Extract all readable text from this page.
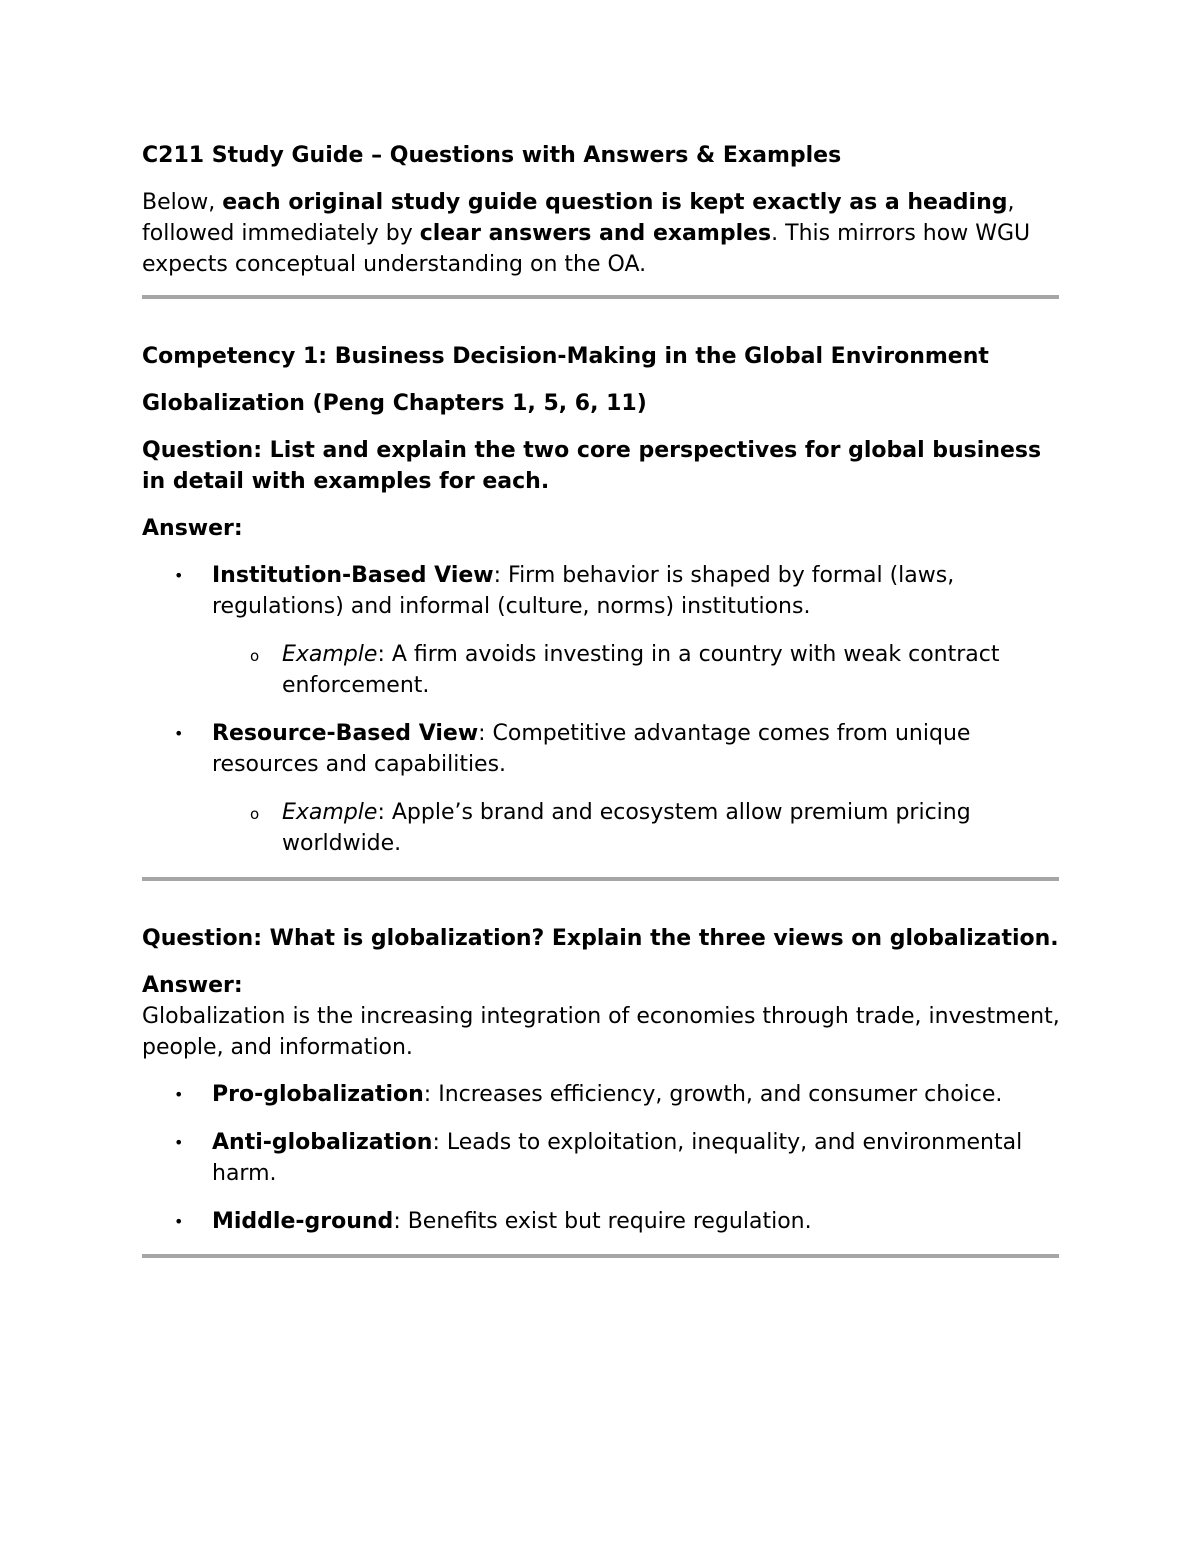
C211 Study Guide – Questions with Answers & Examples

Below, each original study guide question is kept exactly as a heading, followed immediately by clear answers and examples. This mirrors how WGU expects conceptual understanding on the OA.

Competency 1: Business Decision-Making in the Global Environment

Globalization (Peng Chapters 1, 5, 6, 11)

Question: List and explain the two core perspectives for global business in detail with examples for each.

Answer:

• Institution-Based View: Firm behavior is shaped by formal (laws, regulations) and informal (culture, norms) institutions.
o Example: A firm avoids investing in a country with weak contract enforcement.
• Resource-Based View: Competitive advantage comes from unique resources and capabilities.
o Example: Apple’s brand and ecosystem allow premium pricing worldwide.

Question: What is globalization? Explain the three views on globalization.

Answer:

Globalization is the increasing integration of economies through trade, investment, people, and information.

• Pro-globalization: Increases efficiency, growth, and consumer choice.
• Anti-globalization: Leads to exploitation, inequality, and environmental harm.
• Middle-ground: Benefits exist but require regulation.
